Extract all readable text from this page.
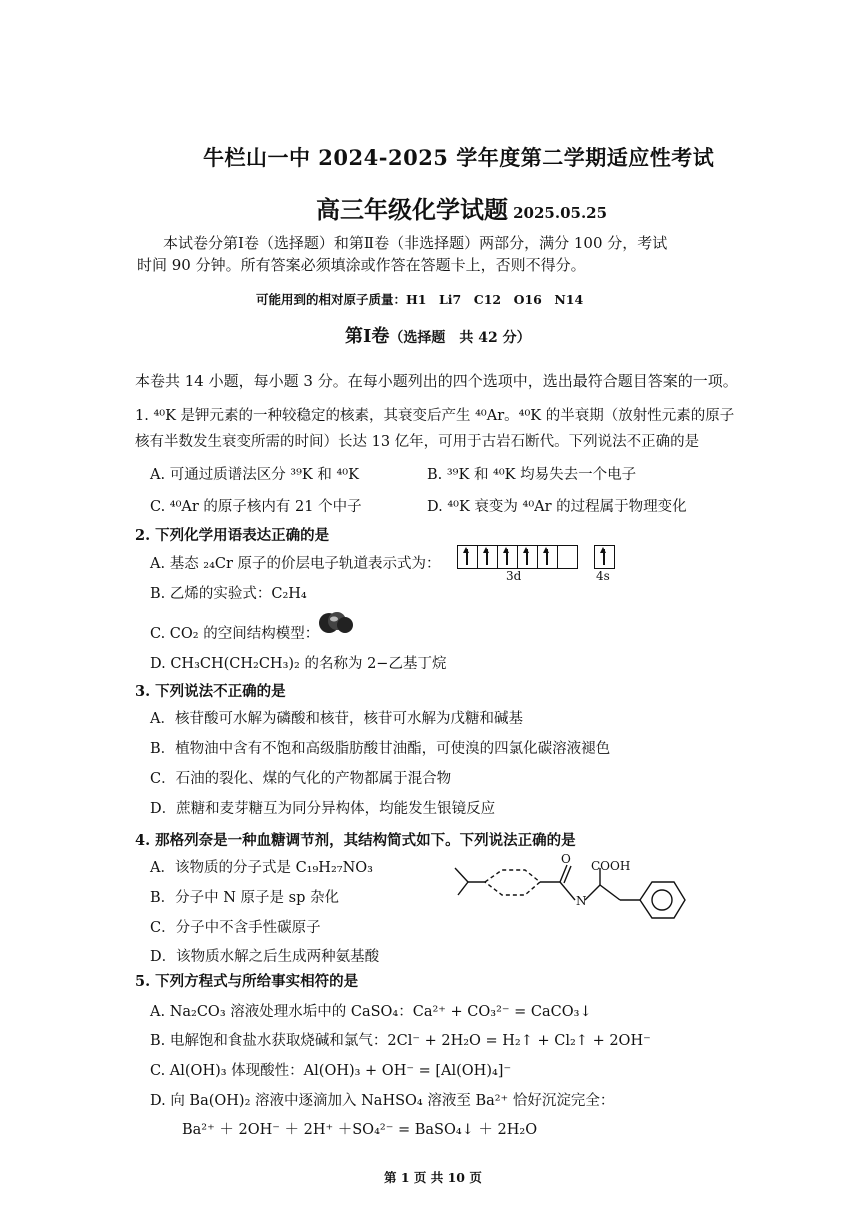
牛栏山一中 2024-2025 学年度第二学期适应性考试
高三年级化学试题 2025.05.25
本试卷分第Ⅰ卷（选择题）和第Ⅱ卷（非选择题）两部分，满分 100 分，考试
时间 90 分钟。所有答案必须填涂或作答在答题卡上，否则不得分。
可能用到的相对原子质量：H1　Li7　C12　O16　N14
第Ⅰ卷（选择题　共 42 分）
本卷共 14 小题，每小题 3 分。在每小题列出的四个选项中，选出最符合题目答案的一项。
1. ⁴⁰K 是钾元素的一种较稳定的核素，其衰变后产生 ⁴⁰Ar。⁴⁰K 的半衰期（放射性元素的原子
核有半数发生衰变所需的时间）长达 13 亿年，可用于古岩石断代。下列说法不正确的是
A. 可通过质谱法区分 ³⁹K 和 ⁴⁰K	B. ³⁹K 和 ⁴⁰K 均易失去一个电子
C. ⁴⁰Ar 的原子核内有 21 个中子	D. ⁴⁰K 衰变为 ⁴⁰Ar 的过程属于物理变化
2. 下列化学用语表达正确的是
A. 基态 ₂₄Cr 原子的价层电子轨道表示式为：
3d	4s
B. 乙烯的实验式：C₂H₄
C. CO₂ 的空间结构模型：
D. CH₃CH(CH₂CH₃)₂ 的名称为 2−乙基丁烷
3. 下列说法不正确的是
A．核苷酸可水解为磷酸和核苷，核苷可水解为戊糖和碱基
B．植物油中含有不饱和高级脂肪酸甘油酯，可使溴的四氯化碳溶液褪色
C．石油的裂化、煤的气化的产物都属于混合物
D．蔗糖和麦芽糖互为同分异构体，均能发生银镜反应
4. 那格列奈是一种血糖调节剂，其结构简式如下。下列说法正确的是
A．该物质的分子式是 C₁₉H₂₇NO₃
B．分子中 N 原子是 sp 杂化
C．分子中不含手性碳原子
D．该物质水解之后生成两种氨基酸
O COOH
N
5. 下列方程式与所给事实相符的是
A. Na₂CO₃ 溶液处理水垢中的 CaSO₄：Ca²⁺ + CO₃²⁻ = CaCO₃↓
B. 电解饱和食盐水获取烧碱和氯气：2Cl⁻ + 2H₂O = H₂↑ + Cl₂↑ + 2OH⁻
C. Al(OH)₃ 体现酸性：Al(OH)₃ + OH⁻ = [Al(OH)₄]⁻
D. 向 Ba(OH)₂ 溶液中逐滴加入 NaHSO₄ 溶液至 Ba²⁺ 恰好沉淀完全：
Ba²⁺ ＋ 2OH⁻ ＋ 2H⁺ ＋SO₄²⁻ = BaSO₄↓ ＋ 2H₂O
第 1 页 共 10 页
